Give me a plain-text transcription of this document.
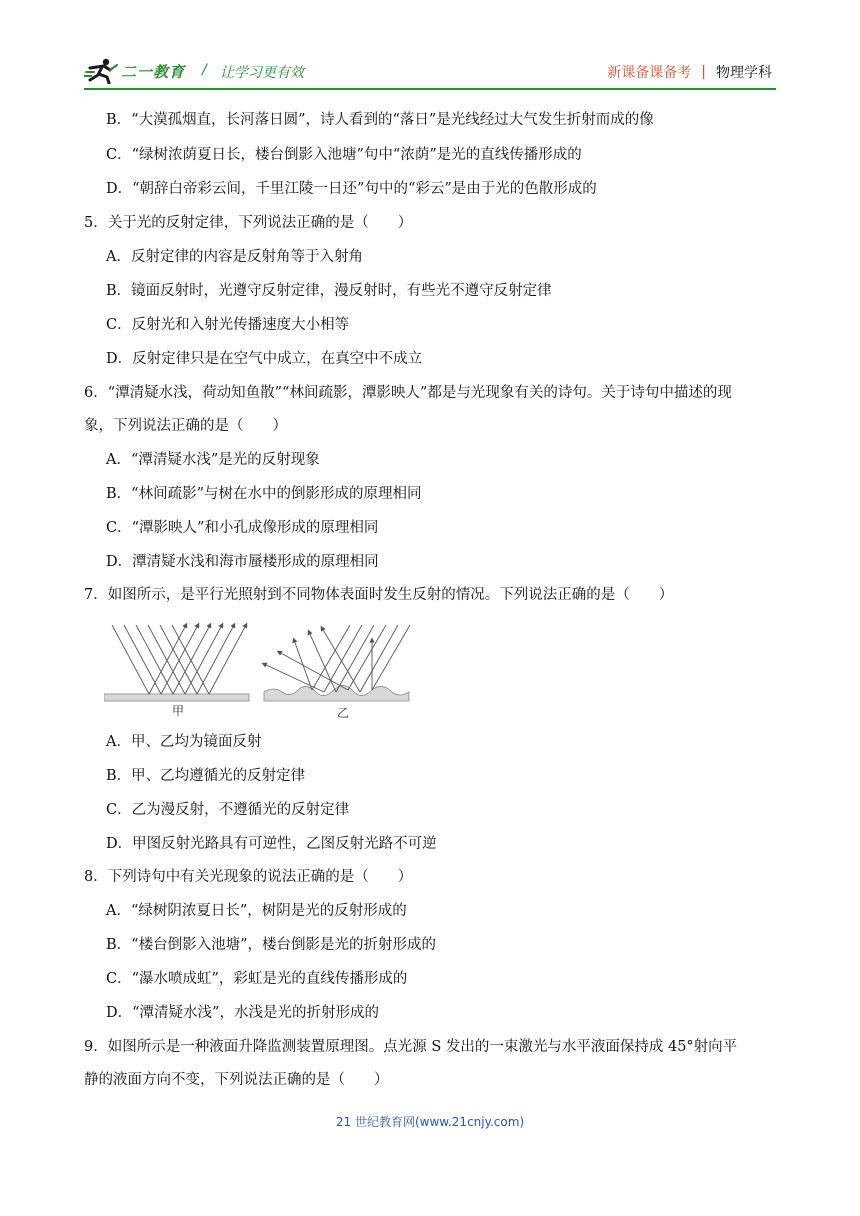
二一教育 / 让学习更有效	新课备课备考 | 物理学科
B．“大漠孤烟直，长河落日圆”，诗人看到的“落日”是光线经过大气发生折射而成的像
C．“绿树浓荫夏日长，楼台倒影入池塘”句中“浓荫”是光的直线传播形成的
D．“朝辞白帝彩云间，千里江陵一日还”句中的“彩云”是由于光的色散形成的
5．关于光的反射定律，下列说法正确的是（　　）
A．反射定律的内容是反射角等于入射角
B．镜面反射时，光遵守反射定律，漫反射时，有些光不遵守反射定律
C．反射光和入射光传播速度大小相等
D．反射定律只是在空气中成立，在真空中不成立
6．“潭清疑水浅，荷动知鱼散”“林间疏影，潭影映人”都是与光现象有关的诗句。关于诗句中描述的现
象，下列说法正确的是（　　）
A．“潭清疑水浅”是光的反射现象
B．“林间疏影”与树在水中的倒影形成的原理相同
C．“潭影映人”和小孔成像形成的原理相同
D．潭清疑水浅和海市蜃楼形成的原理相同
7．如图所示，是平行光照射到不同物体表面时发生反射的情况。下列说法正确的是（　　）
A．甲、乙均为镜面反射
B．甲、乙均遵循光的反射定律
C．乙为漫反射，不遵循光的反射定律
D．甲图反射光路具有可逆性，乙图反射光路不可逆
8．下列诗句中有关光现象的说法正确的是（　　）
A．“绿树阴浓夏日长”，树阴是光的反射形成的
B．“楼台倒影入池塘”，楼台倒影是光的折射形成的
C．“瀑水喷成虹”，彩虹是光的直线传播形成的
D．“潭清疑水浅”，水浅是光的折射形成的
9．如图所示是一种液面升降监测装置原理图。点光源 S 发出的一束激光与水平液面保持成 45°射向平
静的液面方向不变，下列说法正确的是（　　）
甲	乙
21 世纪教育网(www.21cnjy.com)
